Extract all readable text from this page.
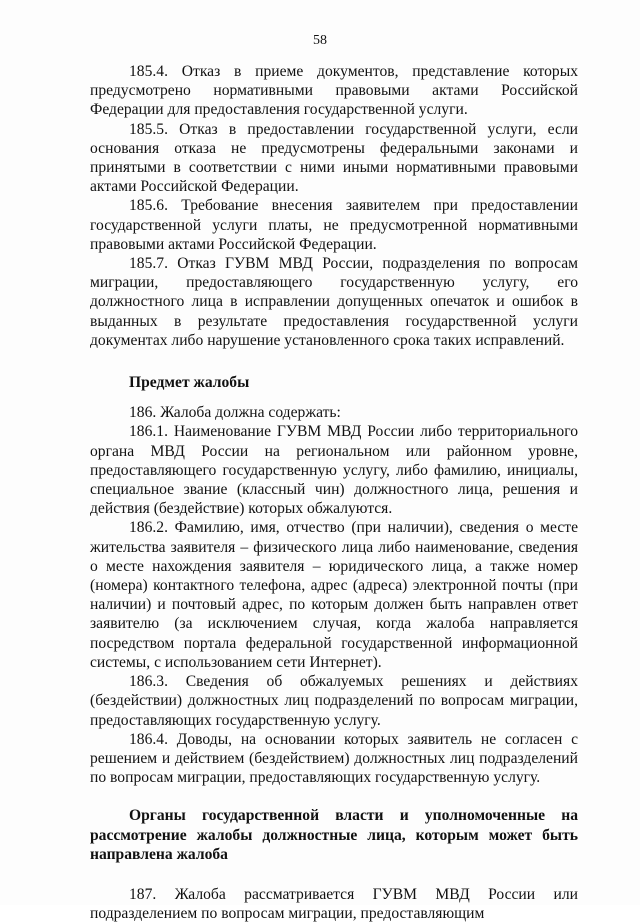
58

185.4. Отказ в приеме документов, представление которых предусмотрено нормативными правовыми актами Российской Федерации для предоставления государственной услуги.

185.5. Отказ в предоставлении государственной услуги, если основания отказа не предусмотрены федеральными законами и принятыми в соответствии с ними иными нормативными правовыми актами Российской Федерации.

185.6. Требование внесения заявителем при предоставлении государственной услуги платы, не предусмотренной нормативными правовыми актами Российской Федерации.

185.7. Отказ ГУВМ МВД России, подразделения по вопросам миграции, предоставляющего государственную услугу, его должностного лица в исправлении допущенных опечаток и ошибок в выданных в результате предоставления государственной услуги документах либо нарушение установленного срока таких исправлений.

Предмет жалобы

186. Жалоба должна содержать:

186.1. Наименование ГУВМ МВД России либо территориального органа МВД России на региональном или районном уровне, предоставляющего государственную услугу, либо фамилию, инициалы, специальное звание (классный чин) должностного лица, решения и действия (бездействие) которых обжалуются.

186.2. Фамилию, имя, отчество (при наличии), сведения о месте жительства заявителя – физического лица либо наименование, сведения о месте нахождения заявителя – юридического лица, а также номер (номера) контактного телефона, адрес (адреса) электронной почты (при наличии) и почтовый адрес, по которым должен быть направлен ответ заявителю (за исключением случая, когда жалоба направляется посредством портала федеральной государственной информационной системы, с использованием сети Интернет).

186.3. Сведения об обжалуемых решениях и действиях (бездействии) должностных лиц подразделений по вопросам миграции, предоставляющих государственную услугу.

186.4. Доводы, на основании которых заявитель не согласен с решением и действием (бездействием) должностных лиц подразделений по вопросам миграции, предоставляющих государственную услугу.

Органы государственной власти и уполномоченные на рассмотрение жалобы должностные лица, которым может быть направлена жалоба

187. Жалоба рассматривается ГУВМ МВД России или подразделением по вопросам миграции, предоставляющим
